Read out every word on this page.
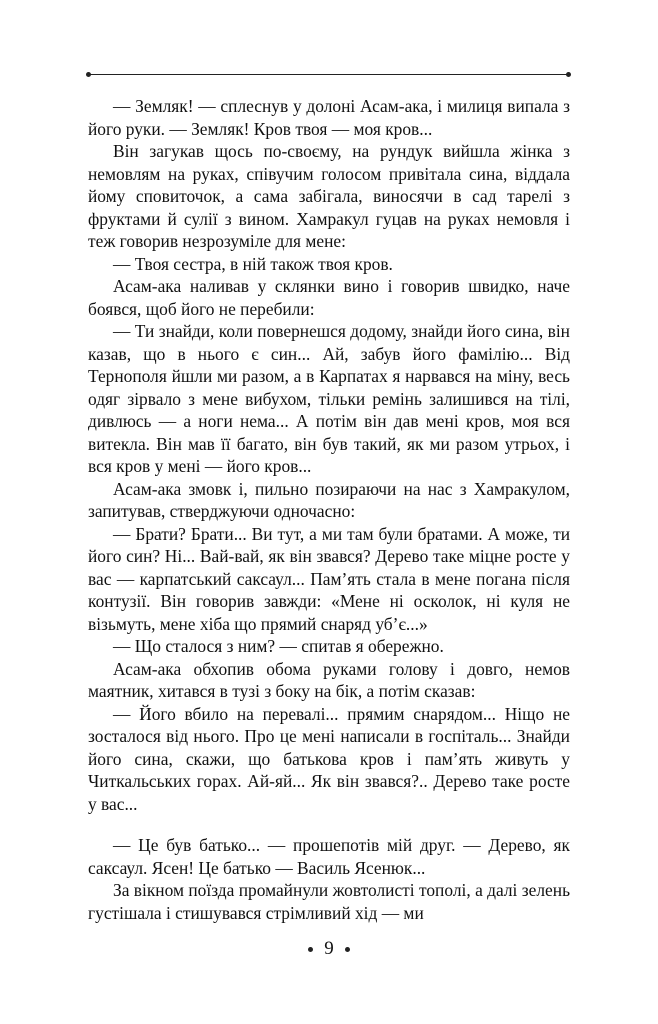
— Земляк! — сплеснув у долоні Асам-ака, і милиця випала з його руки. — Земляк! Кров твоя — моя кров...

Він загукав щось по-своєму, на рундук вийшла жінка з немовлям на руках, співучим голосом привітала сина, віддала йому сповиточок, а сама забігала, виносячи в сад тарелі з фруктами й сулії з вином. Хамракул гуцав на руках немовля і теж говорив незрозуміле для мене:

— Твоя сестра, в ній також твоя кров.

Асам-ака наливав у склянки вино і говорив швидко, наче боявся, щоб його не перебили:

— Ти знайди, коли повернешся додому, знайди його сина, він казав, що в нього є син... Ай, забув його фамілію... Від Тернополя йшли ми разом, а в Карпатах я нарвався на міну, весь одяг зірвало з мене вибухом, тільки ремінь залишився на тілі, дивлюсь — а ноги нема... А потім він дав мені кров, моя вся витекла. Він мав її багато, він був такий, як ми разом утрьох, і вся кров у мені — його кров...

Асам-ака змовк і, пильно позираючи на нас з Хамракулом, запитував, стверджуючи одночасно:

— Брати? Брати... Ви тут, а ми там були братами. А може, ти його син? Ні... Вай-вай, як він звався? Дерево таке міцне росте у вас — карпатський саксаул... Пам’ять стала в мене погана після контузії. Він говорив завжди: «Мене ні осколок, ні куля не візьмуть, мене хіба що прямий снаряд уб’є...»

— Що сталося з ним? — спитав я обережно.

Асам-ака обхопив обома руками голову і довго, немов маятник, хитався в тузі з боку на бік, а потім сказав:

— Його вбило на перевалі... прямим снарядом... Ніщо не зосталося від нього. Про це мені написали в госпіталь... Знайди його сина, скажи, що батькова кров і пам’ять живуть у Читкальських горах. Ай-яй... Як він звався?.. Дерево таке росте у вас...

— Це був батько... — прошепотів мій друг. — Дерево, як саксаул. Ясен! Це батько — Василь Ясенюк...

За вікном поїзда промайнули жовтолисті тополі, а далі зелень густішала і стишувався стрімливий хід — ми

9
